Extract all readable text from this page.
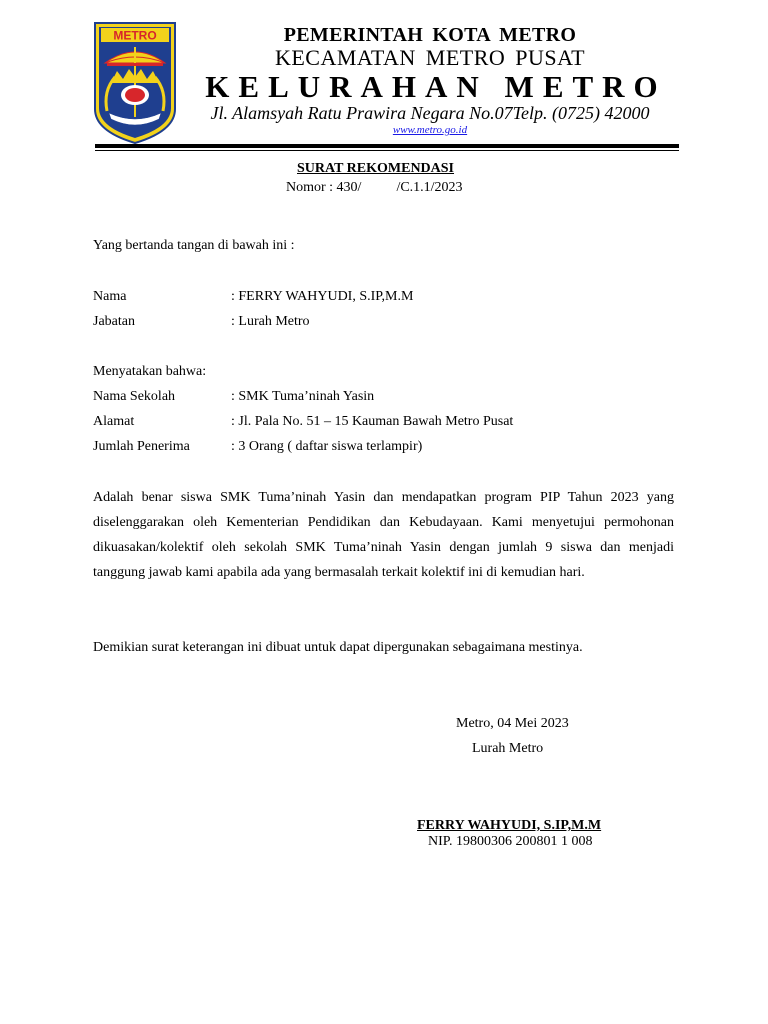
METRO	PEMERINTAH KOTA METRO
KECAMATAN METRO PUSAT
KELURAHAN METRO
Jl. Alamsyah Ratu Prawira Negara No.07Telp. (0725) 42000
www.metro.go.id
SURAT REKOMENDASI
Nomor : 430/          /C.1.1/2023
Yang bertanda tangan di bawah ini :
Nama	: FERRY WAHYUDI, S.IP,M.M
Jabatan	: Lurah Metro
Menyatakan bahwa:
Nama Sekolah	: SMK Tuma’ninah Yasin
Alamat	: Jl. Pala No. 51 – 15 Kauman Bawah Metro Pusat
Jumlah Penerima	: 3 Orang ( daftar siswa terlampir)
Adalah benar siswa SMK Tuma’ninah Yasin dan mendapatkan program PIP Tahun 2023 yang diselenggarakan oleh Kementerian Pendidikan dan Kebudayaan. Kami menyetujui permohonan dikuasakan/kolektif oleh sekolah SMK Tuma’ninah Yasin dengan jumlah 9 siswa dan menjadi tanggung jawab kami apabila ada yang bermasalah terkait kolektif ini di kemudian hari.
Demikian surat keterangan ini dibuat untuk dapat dipergunakan sebagaimana mestinya.
Metro, 04 Mei 2023
Lurah Metro
FERRY WAHYUDI, S.IP,M.M
NIP. 19800306 200801 1 008
